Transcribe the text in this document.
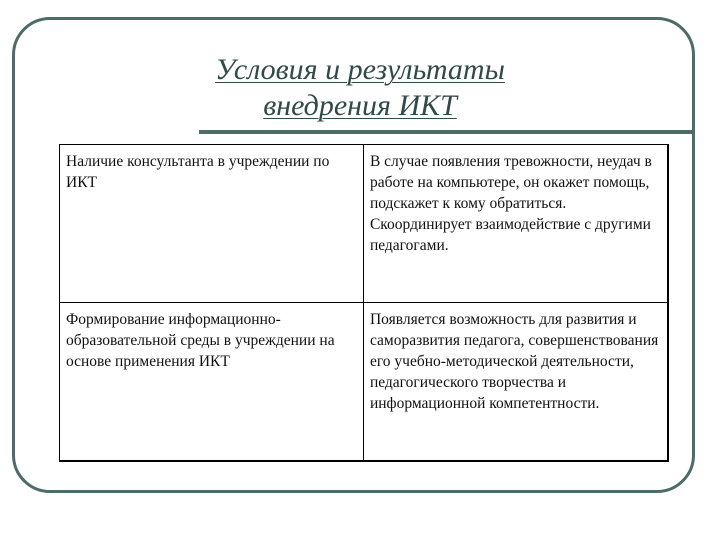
Условия и результаты
внедрения ИКТ
Наличие консультанта в учреждении по ИКТ	В случае появления тревожности, неудач в работе на компьютере, он окажет помощь, подскажет к кому обратиться. Скоординирует взаимодействие с другими педагогами.
Формирование информационно-образовательной среды в учреждении на основе применения ИКТ	Появляется возможность для развития и саморазвития педагога, совершенствования его учебно-методической деятельности, педагогического творчества и информационной компетентности.
